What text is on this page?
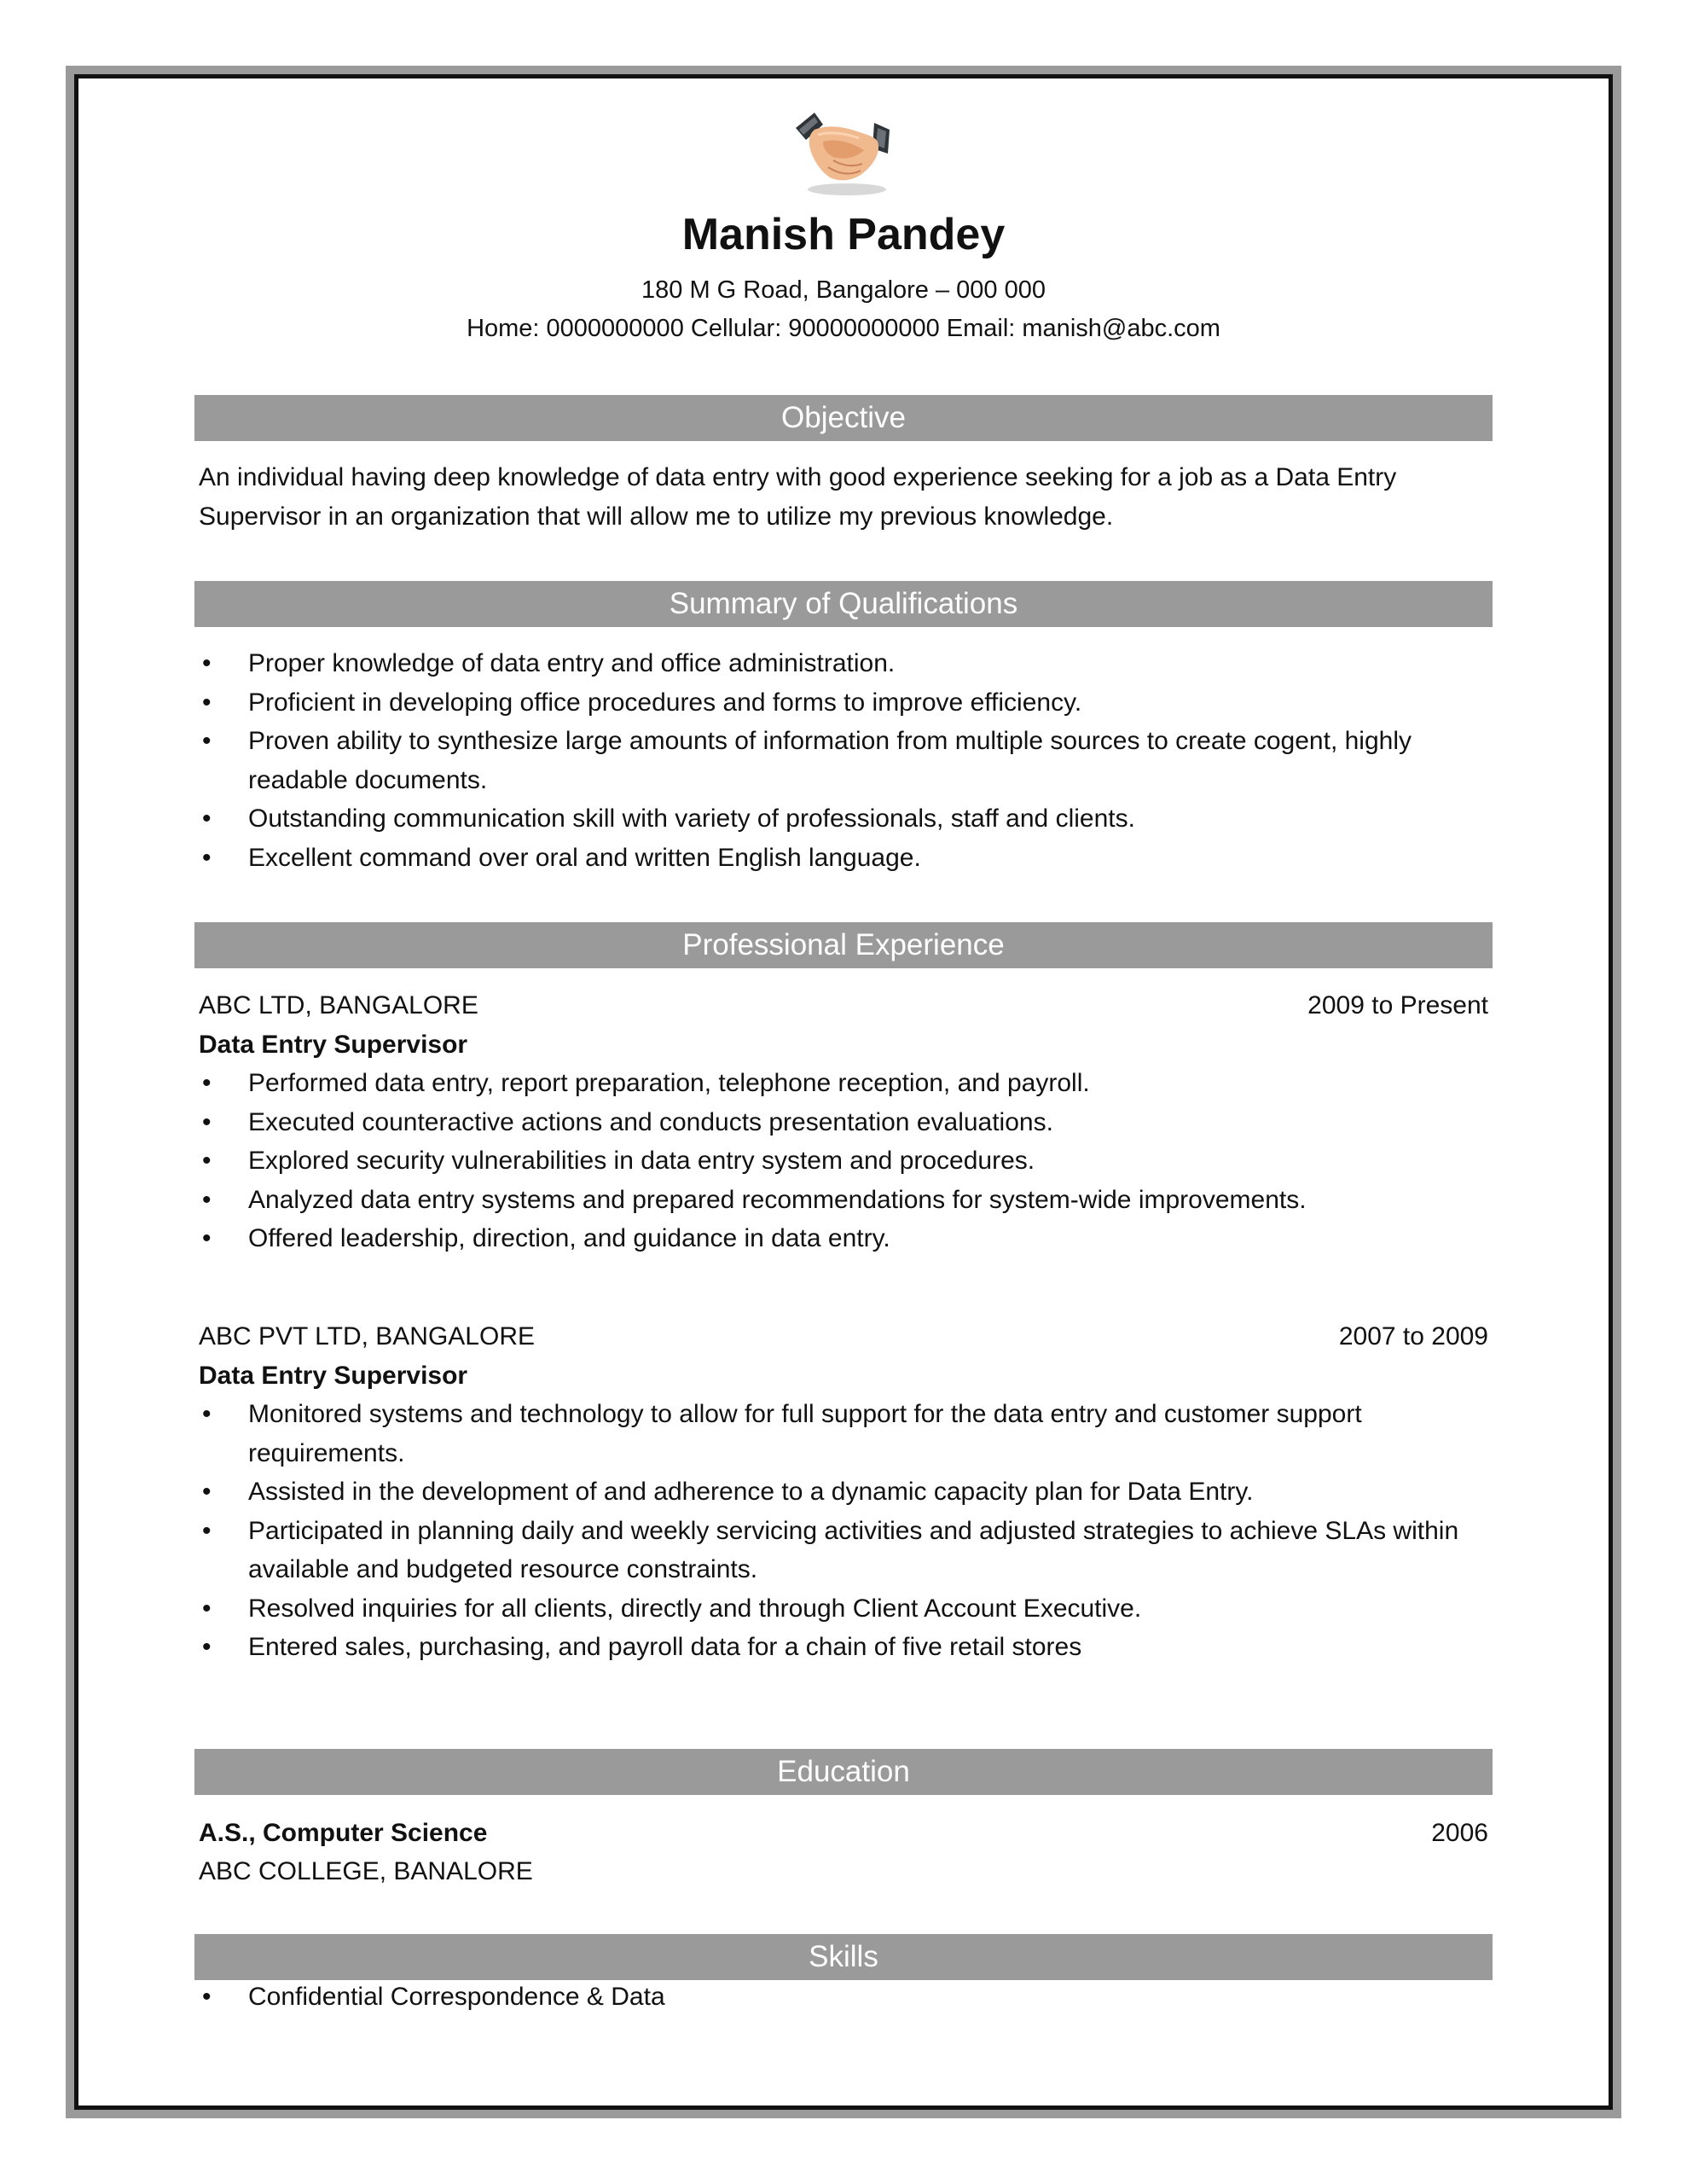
Manish Pandey
180 M G Road, Bangalore – 000 000
Home: 0000000000 Cellular: 90000000000 Email: manish@abc.com
Objective
An individual having deep knowledge of data entry with good experience seeking for a job as a Data Entry Supervisor in an organization that will allow me to utilize my previous knowledge.
Summary of Qualifications
• Proper knowledge of data entry and office administration.
• Proficient in developing office procedures and forms to improve efficiency.
• Proven ability to synthesize large amounts of information from multiple sources to create cogent, highly readable documents.
• Outstanding communication skill with variety of professionals, staff and clients.
• Excellent command over oral and written English language.
Professional Experience
ABC LTD, BANGALORE	2009 to Present
Data Entry Supervisor
• Performed data entry, report preparation, telephone reception, and payroll.
• Executed counteractive actions and conducts presentation evaluations.
• Explored security vulnerabilities in data entry system and procedures.
• Analyzed data entry systems and prepared recommendations for system-wide improvements.
• Offered leadership, direction, and guidance in data entry.
ABC PVT LTD, BANGALORE	2007 to 2009
Data Entry Supervisor
• Monitored systems and technology to allow for full support for the data entry and customer support requirements.
• Assisted in the development of and adherence to a dynamic capacity plan for Data Entry.
• Participated in planning daily and weekly servicing activities and adjusted strategies to achieve SLAs within available and budgeted resource constraints.
• Resolved inquiries for all clients, directly and through Client Account Executive.
• Entered sales, purchasing, and payroll data for a chain of five retail stores
Education
A.S., Computer Science	2006
ABC COLLEGE, BANALORE
Skills
• Confidential Correspondence & Data
